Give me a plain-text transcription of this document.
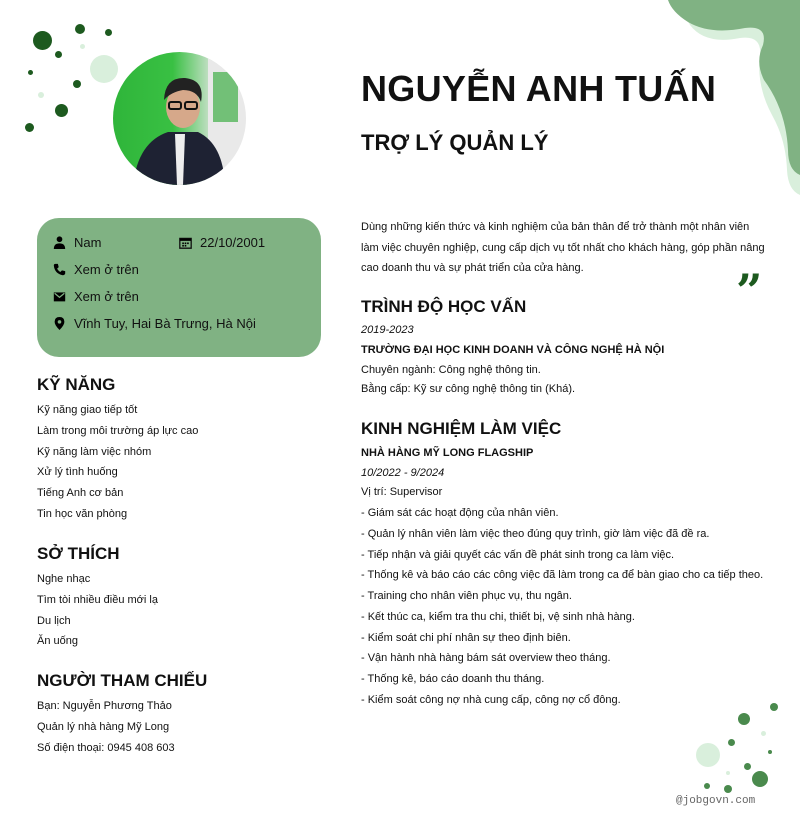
NGUYỄN ANH TUẤN
TRỢ LÝ QUẢN LÝ
Nam	22/10/2001
Xem ở trên
Xem ở trên
Vĩnh Tuy, Hai Bà Trưng, Hà Nội
KỸ NĂNG
Kỹ năng giao tiếp tốt
Làm trong môi trường áp lực cao
Kỹ năng làm việc nhóm
Xử lý tình huống
Tiếng Anh cơ bản
Tin học văn phòng
SỞ THÍCH
Nghe nhạc
Tìm tòi nhiều điều mới lạ
Du lịch
Ăn uống
NGƯỜI THAM CHIẾU
Bạn: Nguyễn Phương Thảo
Quản lý nhà hàng Mỹ Long
Số điện thoại: 0945 408 603
Dùng những kiến thức và kinh nghiệm của bản thân để trở thành một nhân viên làm việc chuyên nghiệp, cung cấp dịch vụ tốt nhất cho khách hàng, góp phần nâng cao doanh thu và sự phát triển của cửa hàng.	”
TRÌNH ĐỘ HỌC VẤN
2019-2023
TRƯỜNG ĐẠI HỌC KINH DOANH VÀ CÔNG NGHỆ HÀ NỘI
Chuyên ngành: Công nghệ thông tin.
Bằng cấp: Kỹ sư công nghệ thông tin (Khá).
KINH NGHIỆM LÀM VIỆC
NHÀ HÀNG MỸ LONG FLAGSHIP
10/2022 - 9/2024
Vị trí: Supervisor
- Giám sát các hoạt động của nhân viên.
- Quản lý nhân viên làm việc theo đúng quy trình, giờ làm việc đã đề ra.
- Tiếp nhận và giải quyết các vấn đề phát sinh trong ca làm việc.
- Thống kê và báo cáo các công việc đã làm trong ca để bàn giao cho ca tiếp theo.
- Training cho nhân viên phục vụ, thu ngân.
- Kết thúc ca, kiểm tra thu chi, thiết bị, vệ sinh nhà hàng.
- Kiểm soát chi phí nhân sự theo định biên.
- Vận hành nhà hàng bám sát overview theo tháng.
- Thống kê, báo cáo doanh thu tháng.
- Kiểm soát công nợ nhà cung cấp, công nợ cổ đông.
@jobgovn.com
